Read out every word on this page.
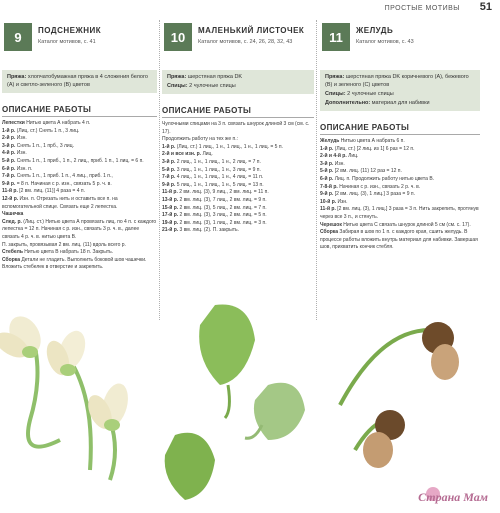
ПРОСТЫЕ МОТИВЫ 51
9	ПОДСНЕЖНИК
Каталог мотивов, с. 41
Пряжа: хлопчатобумажная пряжа в 4 сложения белого (А) и светло-зеленого (В) цветов
ОПИСАНИЕ РАБОТЫ
Лепестки Нитью цвета А набрать 4 п.
1-й р. (Лиц. ст.) Снять 1 п., 3 лиц.
2-й р. Изн.
3-й р. Снять 1 п., 1 прб., 3 лиц.
4-й р. Изн.
5-й р. Снять 1 п., 1 приб., 1 п., 2 лиц., приб. 1 п., 1 лиц. = 6 п.
6-й р. Изн. п.
7-й р. Снять 1 п., 1 приб. 1 п., 4 лиц., приб. 1 п.,
9-й р. = 8 п. Начиная с р. изн., связать 5 р. ч. в.
11-й р. [2 вм. лиц. (11)] 4 раза = 4 п.
12-й р. Изн. п. Отрезать нить и оставить все п. на вспомогательной спице. Связать еще 2 лепестка.
Чашечка
След. р. (Лиц. ст.) Нитью цвета А провязать лиц. по 4 п. с каждого лепестка = 12 п. Начиная с р. изн., связать 3 р. ч. в., далее связать 4 р. ч. в. нитью цвета В.
П. закрыть, провязывая 2 вм. лиц. (11) вдоль всего р.
Стебель Нитью цвета В набрать 18 п. Закрыть.
Сборка Детали не гладить. Выполнить боковой шов чашечки. Вложить стебелек в отверстие и закрепить.
10	МАЛЕНЬКИЙ ЛИСТОЧЕК
Каталог мотивов, с. 24, 26, 28, 32, 43
Пряжа: шерстяная пряжа DK
Спицы: 2 чулочные спицы
ОПИСАНИЕ РАБОТЫ
Чулочными спицами на 3 п. связать шнурок длиной 3 см (см. с. 17).
Продолжить работу на тех же п.:
1-й р. (Лиц. ст.) 1 лиц., 1 н., 1 лиц., 1 н., 1 лиц. = 5 п.
2-й и все изн. р. Лиц.
3-й р. 2 лиц., 1 н., 1 лиц., 1 н., 2 лиц. = 7 п.
5-й р. 3 лиц., 1 н., 1 лиц., 1 н., 3 лиц. = 9 п.
7-й р. 4 лиц., 1 н., 1 лиц., 1 н., 4 лиц. = 11 п.
9-й р. 5 лиц., 1 н., 1 лиц., 1 н., 5 лиц. = 13 п.
11-й р. 2 вм. лиц. (3), 9 лиц., 2 вм. лиц. = 11 п.
13-й р. 2 вм. лиц. (3), 7 лиц., 2 вм. лиц. = 9 п.
15-й р. 2 вм. лиц. (3), 5 лиц., 2 вм. лиц. = 7 п.
17-й р. 2 вм. лиц. (3), 3 лиц., 2 вм. лиц. = 5 п.
19-й р. 2 вм. лиц. (3), 1 лиц., 2 вм. лиц. = 3 п.
21-й р. 3 вм. лиц. (2). П. закрыть.
11	ЖЕЛУДЬ
Каталог мотивов, с. 43
Пряжа: шерстяная пряжа DK коричневого (А), бежевого (В) и зеленого (С) цветов
Спицы: 2 чулочные спицы
Дополнительно: материал для набивки
ОПИСАНИЕ РАБОТЫ
Желудь Нитью цвета А набрать 6 п.
1-й р. (Лиц. ст.) [2 лиц. из 1] 6 раз = 12 п.
2-й и 4-й р. Лиц.
3-й р. Изн.
5-й р. [2 вм. лиц. (11) 12 раз = 12 п.
6-й р. Лиц. п. Продолжить работу нитью цвета В.
7-8-й р. Начиная с р. изн., связать 2 р. ч. в.
9-й р. [2 вм. лиц. (3), 1 лиц.] 3 раза = 9 п.
10-й р. Изн.
11-й р. [2 вм. лиц. (3), 1 лиц.] 3 раза = 3 п. Нить закрепить, протянув через все 3 п., и стянуть.
Черешок Нитью цвета С связать шнурок длиной 5 см (см. с. 17).
Сборка Забирая в шов по 1 п. с каждого края, сшить желудь. В процессе работы вложить внутрь материал для набивки. Завершая шов, прихватить кончик стебля.
Страна Мам
